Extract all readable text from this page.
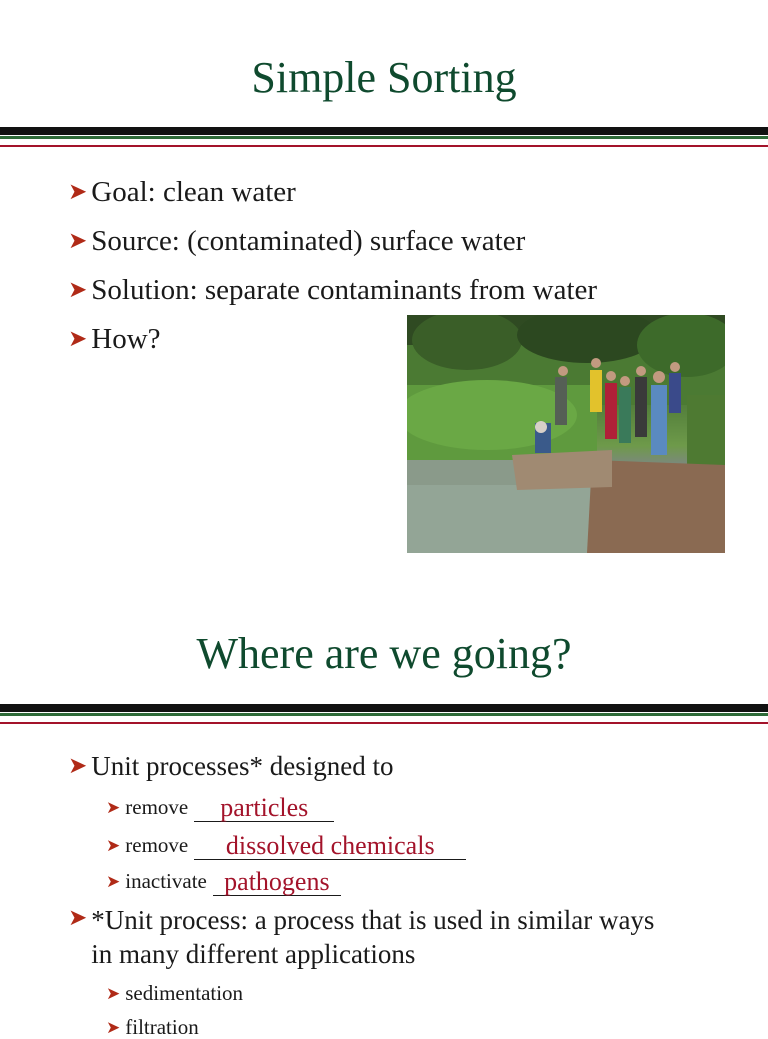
Simple Sorting
➤ Goal: clean water
➤ Source: (contaminated) surface water
➤ Solution: separate contaminants from water
➤ How?
Where are we going?
➤ Unit processes* designed to
➤ remove particles
➤ remove dissolved chemicals
➤ inactivate pathogens
➤ *Unit process: a process that is used in similar ways in many different applications
➤ sedimentation
➤ filtration
